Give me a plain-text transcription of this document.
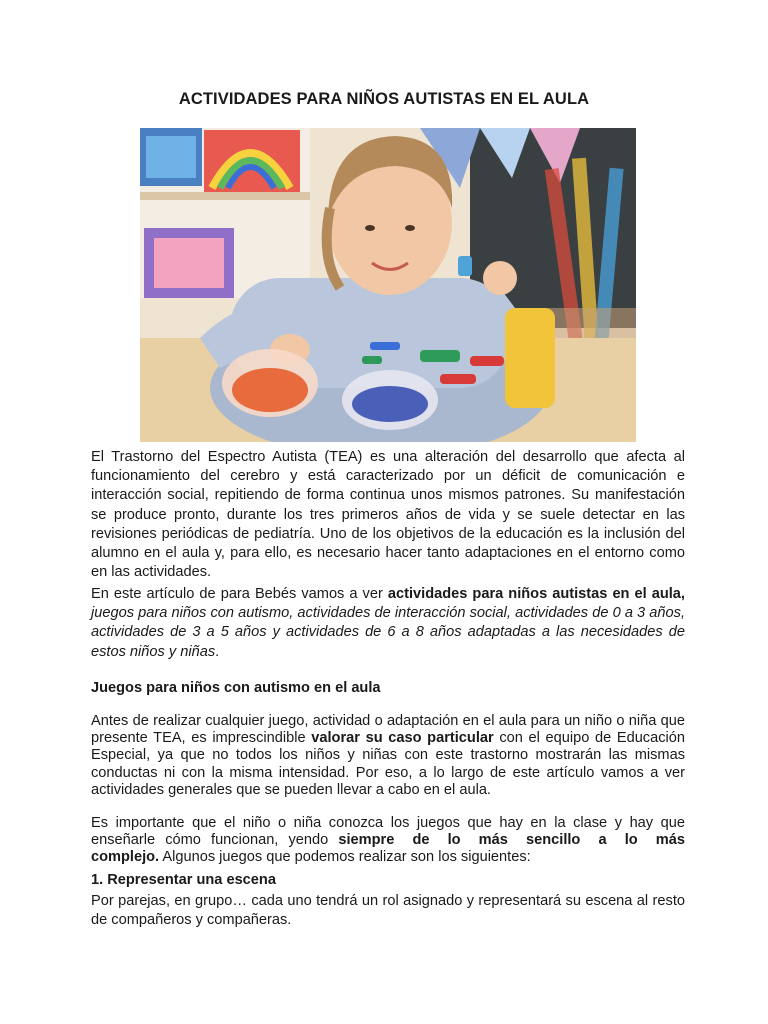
ACTIVIDADES PARA NIÑOS AUTISTAS EN EL AULA

El Trastorno del Espectro Autista (TEA) es una alteración del desarrollo que afecta al funcionamiento del cerebro y está caracterizado por un déficit de comunicación e interacción social, repitiendo de forma continua unos mismos patrones. Su manifestación se produce pronto, durante los tres primeros años de vida y se suele detectar en las revisiones periódicas de pediatría. Uno de los objetivos de la educación es la inclusión del alumno en el aula y, para ello, es necesario hacer tanto adaptaciones en el entorno como en las actividades.

En este artículo de para Bebés vamos a ver actividades para niños autistas en el aula, juegos para niños con autismo, actividades de interacción social, actividades de 0 a 3 años, actividades de 3 a 5 años y actividades de 6 a 8 años adaptadas a las necesidades de estos niños y niñas.

Juegos para niños con autismo en el aula

Antes de realizar cualquier juego, actividad o adaptación en el aula para un niño o niña que presente TEA, es imprescindible valorar su caso particular con el equipo de Educación Especial, ya que no todos los niños y niñas con este trastorno mostrarán las mismas conductas ni con la misma intensidad. Por eso, a lo largo de este artículo vamos a ver actividades generales que se pueden llevar a cabo en el aula.

Es importante que el niño o niña conozca los juegos que hay en la clase y hay que enseñarle cómo funcionan, yendo siempre de lo más sencillo a lo más complejo. Algunos juegos que podemos realizar son los siguientes:

1. Representar una escena

Por parejas, en grupo… cada uno tendrá un rol asignado y representará su escena al resto de compañeros y compañeras.
